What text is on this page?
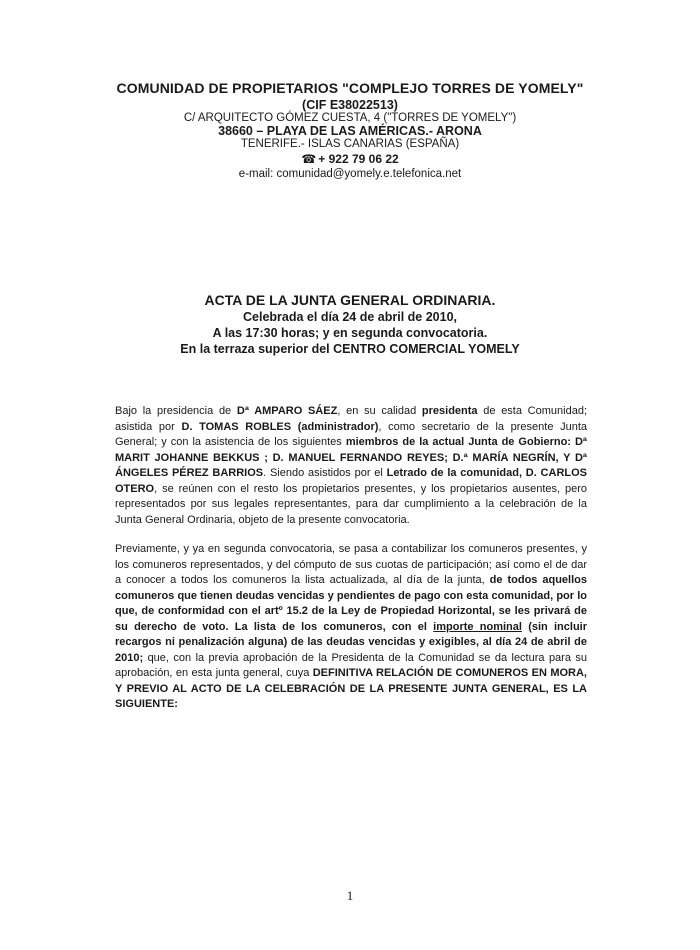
COMUNIDAD DE PROPIETARIOS "COMPLEJO TORRES DE YOMELY"
(CIF E38022513)
C/ ARQUITECTO GÓMEZ CUESTA, 4 ("TORRES DE YOMELY")
38660 – PLAYA DE LAS AMÉRICAS.- ARONA
TENERIFE.- ISLAS CANARIAS (ESPAÑA)
☎ + 922 79 06 22
e-mail: comunidad@yomely.e.telefonica.net
ACTA DE LA JUNTA GENERAL ORDINARIA.
Celebrada el día 24 de abril de 2010,
A las 17:30 horas; y en segunda convocatoria.
En la terraza superior del CENTRO COMERCIAL YOMELY
Bajo la presidencia de Dª AMPARO SÁEZ, en su calidad presidenta de esta Comunidad; asistida por D. TOMAS ROBLES (administrador), como secretario de la presente Junta General; y con la asistencia de los siguientes miembros de la actual Junta de Gobierno: Dª MARIT JOHANNE BEKKUS ; D. MANUEL FERNANDO REYES; D.ª MARÍA NEGRÍN, Y Dª ÁNGELES PÉREZ BARRIOS. Siendo asistidos por el Letrado de la comunidad, D. CARLOS OTERO, se reúnen con el resto los propietarios presentes, y los propietarios ausentes, pero representados por sus legales representantes, para dar cumplimiento a la celebración de la Junta General Ordinaria, objeto de la presente convocatoria.
Previamente, y ya en segunda convocatoria, se pasa a contabilizar los comuneros presentes, y los comuneros representados, y del cómputo de sus cuotas de participación; así como el de dar a conocer a todos los comuneros la lista actualizada, al día de la junta, de todos aquellos comuneros que tienen deudas vencidas y pendientes de pago con esta comunidad, por lo que, de conformidad con el artº 15.2 de la Ley de Propiedad Horizontal, se les privará de su derecho de voto. La lista de los comuneros, con el importe nominal (sin incluir recargos ni penalización alguna) de las deudas vencidas y exigibles, al día 24 de abril de 2010; que, con la previa aprobación de la Presidenta de la Comunidad se da lectura para su aprobación, en esta junta general, cuya DEFINITIVA RELACIÓN DE COMUNEROS EN MORA, Y PREVIO AL ACTO DE LA CELEBRACIÓN DE LA PRESENTE JUNTA GENERAL, ES LA SIGUIENTE:
1
